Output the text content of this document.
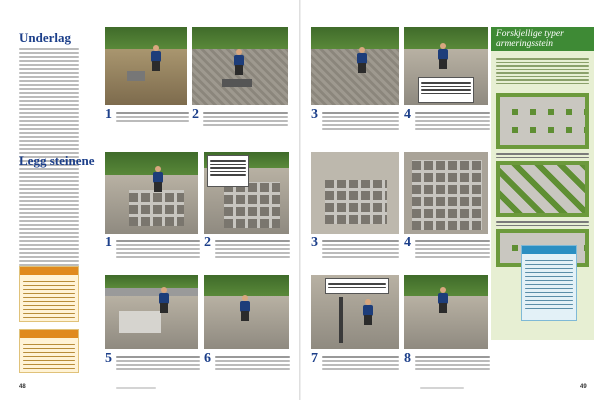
Underlag
Legg steinene
1	2
1	2
5	6
48
3	4
3	4
7	8
49
Forskjellige typer armeringsstein
